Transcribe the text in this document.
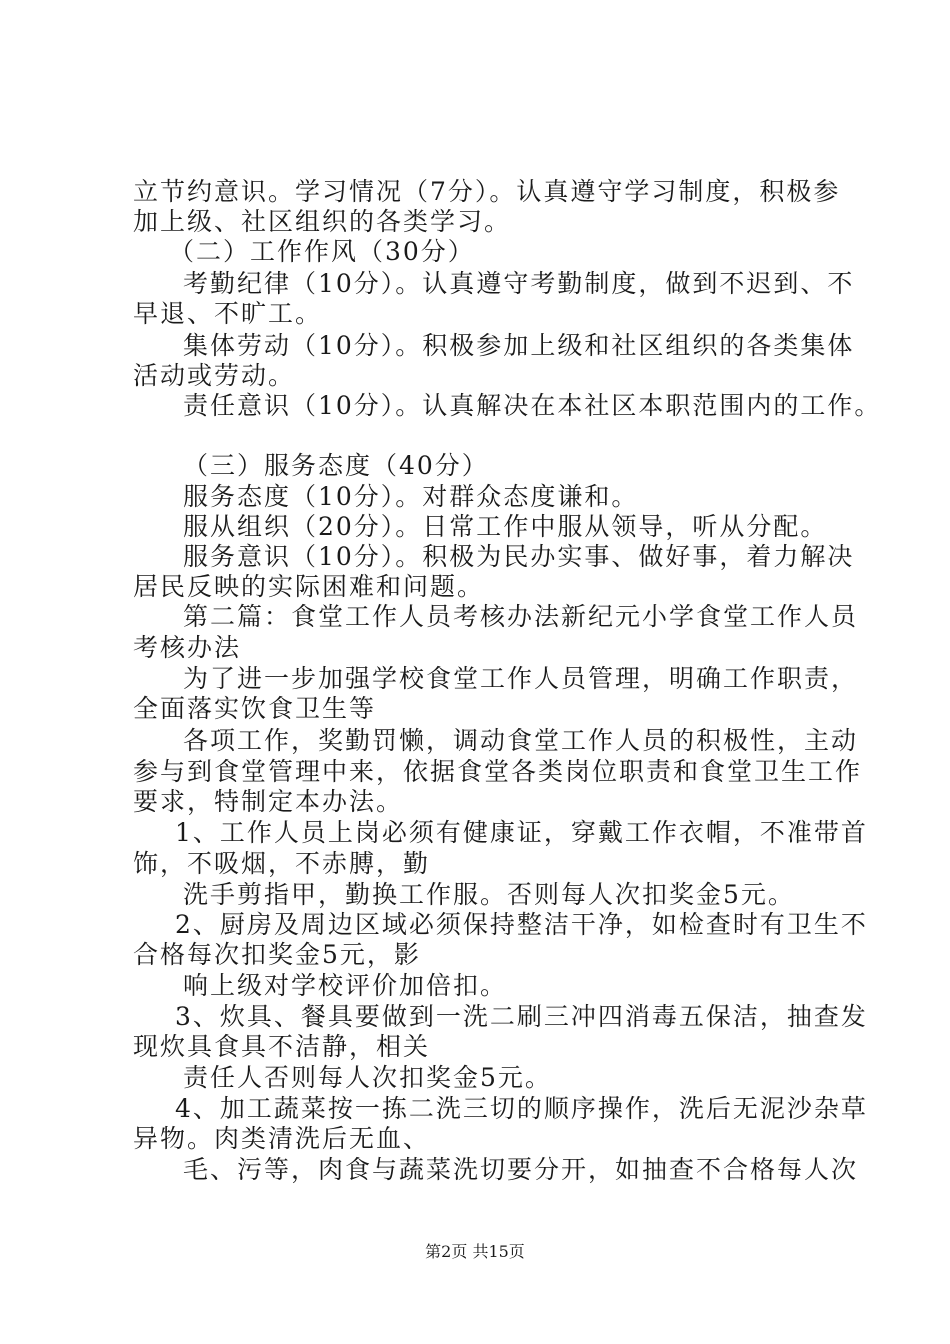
立节约意识。学习情况（7分）。认真遵守学习制度，积极参
加上级、社区组织的各类学习。
（二）工作作风（30分）
考勤纪律（10分）。认真遵守考勤制度，做到不迟到、不
早退、不旷工。
集体劳动（10分）。积极参加上级和社区组织的各类集体
活动或劳动。
责任意识（10分）。认真解决在本社区本职范围内的工作。
（三）服务态度（40分）
服务态度（10分）。对群众态度谦和。
服从组织（20分）。日常工作中服从领导，听从分配。
服务意识（10分）。积极为民办实事、做好事，着力解决
居民反映的实际困难和问题。
第二篇：食堂工作人员考核办法新纪元小学食堂工作人员
考核办法
为了进一步加强学校食堂工作人员管理，明确工作职责，
全面落实饮食卫生等
各项工作，奖勤罚懒，调动食堂工作人员的积极性，主动
参与到食堂管理中来，依据食堂各类岗位职责和食堂卫生工作
要求，特制定本办法。
1、工作人员上岗必须有健康证，穿戴工作衣帽，不准带首
饰，不吸烟，不赤膊，勤
洗手剪指甲，勤换工作服。否则每人次扣奖金5元。
2、厨房及周边区域必须保持整洁干净，如检查时有卫生不
合格每次扣奖金5元，影
响上级对学校评价加倍扣。
3、炊具、餐具要做到一洗二刷三冲四消毒五保洁，抽查发
现炊具食具不洁静，相关
责任人否则每人次扣奖金5元。
4、加工蔬菜按一拣二洗三切的顺序操作，洗后无泥沙杂草
异物。肉类清洗后无血、
毛、污等，肉食与蔬菜洗切要分开，如抽查不合格每人次
第2页 共15页
